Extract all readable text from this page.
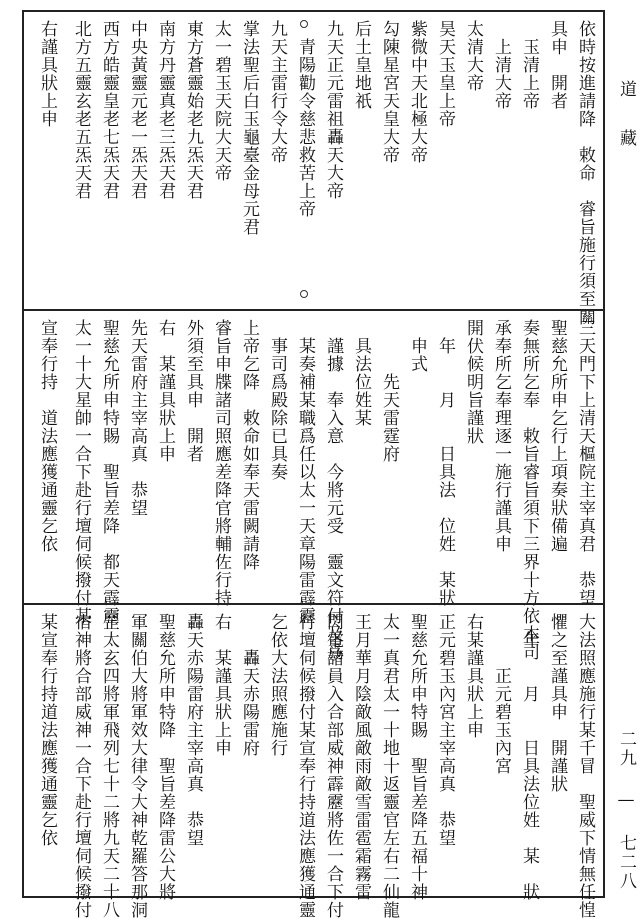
依時按進請降　敕命　睿旨施行須至關
具申　開者
　玉清上帝
　上清大帝
太清大帝
昊天玉皇上帝
紫微中天北極大帝
勾陳星宮天皇大帝
后土皇地祇
九天正元雷祖轟天大帝
　青陽勸令慈悲救苦上帝
九天主雷行令大帝
掌法聖后白玉龜臺金母元君
太一碧玉天院大天帝
東方蒼靈始老九炁天君
南方丹靈真老三炁天君
中央黃靈元老一炁天君
西方皓靈皇老七炁天君
北方五靈玄老五炁天君
右謹具狀上申
三天門下上清天樞院主宰真君　恭望
聖慈允所申乞行上項奏狀備遍
奏無所乞奉　敕旨睿旨須下三界十方依本司
承奉所乞奉理逐一施行謹具申
開伏候明旨謹狀
　年　　月　　日具法　位姓　某狀
　申式
　　　先天雷霆府
　具法位姓某
　謹據　奉入意　今將元受　靈文符付及爲
　某奏補某職爲任以太一天章陽雷霹靂
　事司爲殿除已具奏
上帝乞降　敕命如奉天雷闕請降
睿旨申牒諸司照應差降官將輔佐行持
外須至具申　開者
右　某謹具狀上申
先天雷府主宰高真　恭望
聖慈允所申特賜　聖旨差降　都天霹靂
太一十大星帥一合下赴行壇伺候撥付某
宣奉行持　道法應獲通靈乞依
大法照應施行某千冒　聖威下情無任惶
懼之至謹具申　開謹狀
　年　　月　　日具法位姓　某　狀
　　　正元碧玉內宮
右某謹具狀上申
正元碧玉內宮主宰高真　恭望
聖慈允所申特賜　聖旨差降五福十神
太一真君太一十地十返靈官左右二仙龍
王月華月陰敵風敵雨敵雪雷雹霜霧雷
閃電諸員入合部威神霹靂將佐一合下付
行壇伺候撥付某宣奉行持道法應獲通靈
乞依大法照應施行
　　轟天赤陽雷府
右　某謹具狀上申
轟天赤陽雷府主宰高真　恭望
聖慈允所申特降　聖旨差降雷公大將
軍關伯大將軍效大律令大神乾羅答那洞
罡太玄四將軍飛列七十二將九天二十八
宿神將合部威神一合下赴行壇伺候撥付
某宣奉行持道法應獲通靈乞依
道 藏
二九 — 七二八
